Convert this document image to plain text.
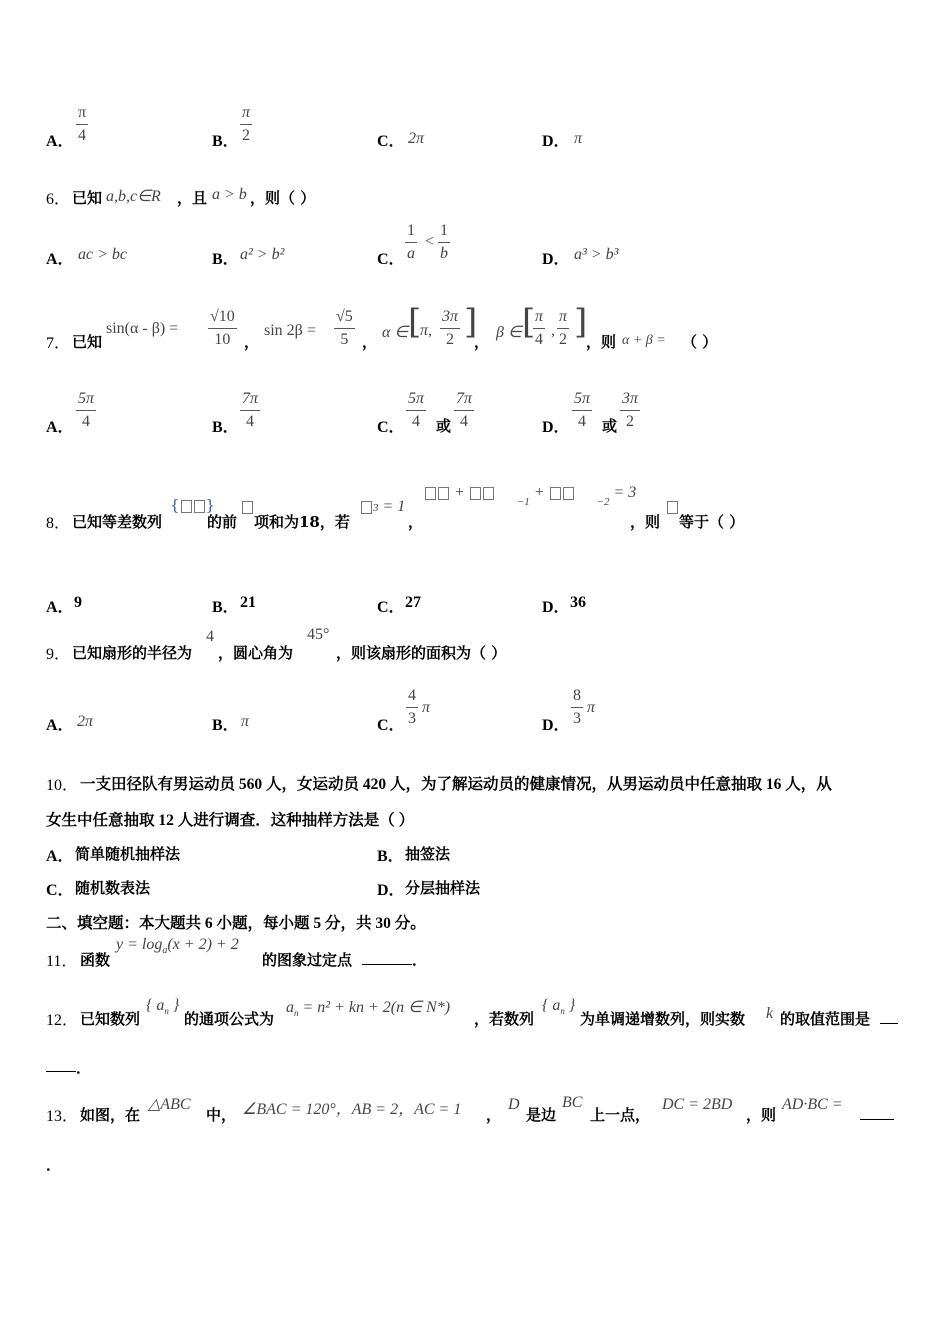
A．
π
4	B．
π
2	C． 2π	D． π
6． 已知 a,b,c∈R ，且 a > b ，则（ ）
A． ac > bc	B． a² > b²	C．
1
a
<
1
b	D． a³ > b³
7． 已知
sin(α - β) =
√10
10 ，
sin 2β =
√5
5 ，
α ∈ [
π,
3π
2 ]
，
β ∈ [ π
4
,
π
2 ]
，则 α + β = （ ）
A．
5π
4	B．
7π
4	C．
5π
4 或
7π
4	D．
5π
4 或
3π
2
8． 已知等差数列
{ }
的前 项和为18，若
3 = 1
，
+  $_{-1}$ +  $_{-2}$ = 3
，则 等于（ ）
A． 9	B． 21	C． 27	D． 36
9． 已知扇形的半径为
4
，圆心角为
45°
，则该扇形的面积为（ ）
A． 2π	B． π	C．
4
3
π
D．
8
3
π
10． 一支田径队有男运动员 560 人，女运动员 420 人，为了解运动员的健康情况，从男运动员中任意抽取 16 人，从
女生中任意抽取 12 人进行调查．这种抽样方法是（ ）
A． 简单随机抽样法	B． 抽签法
C． 随机数表法	D． 分层抽样法
二、填空题：本大题共 6 小题，每小题 5 分，共 30 分。
11． 函数
$y = \log_a(x + 2) + 2$
的图象过定点	．
12． 已知数列
{ $a_n$ }
的通项公式为
$a_n = n^2$ + kn + 2(n ∈ N*)
，若数列
{ $a_n$ }
为单调递增数列，则实数 k 的取值范围是
．
13． 如图，在
△ABC
中， ∠BAC = 120°，AB = 2，AC = 1 ，
D
是边
BC
上一点，
DC = 2BD
，则
AD·BC =
．
